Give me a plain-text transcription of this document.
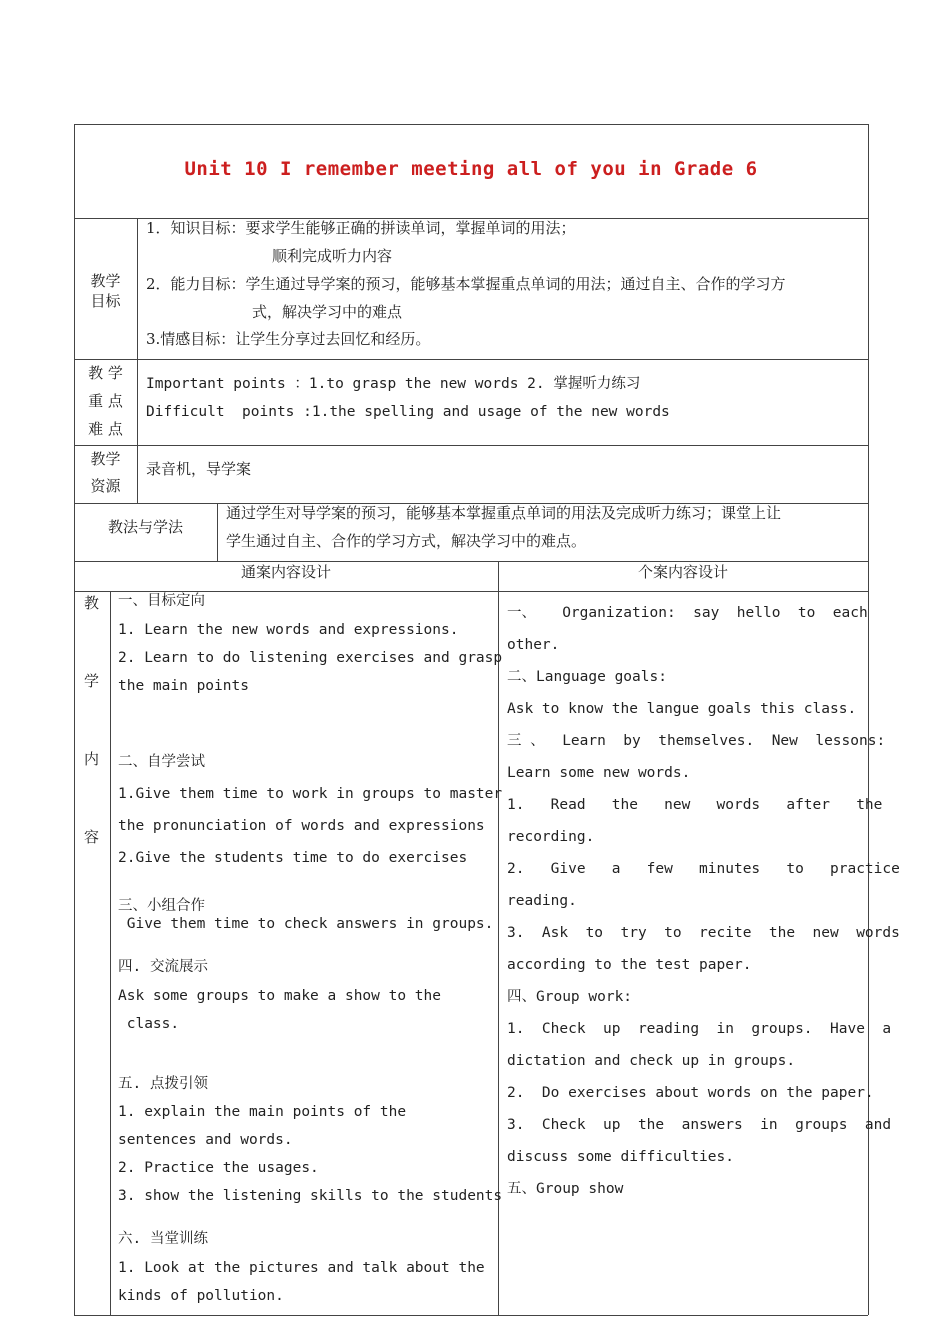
Unit 10 I remember meeting all of you in Grade 6
教学
目标
1．知识目标：要求学生能够正确的拼读单词，掌握单词的用法；
顺利完成听力内容
2．能力目标：学生通过导学案的预习，能够基本掌握重点单词的用法；通过自主、合作的学习方
式，解决学习中的难点
3.情感目标：让学生分享过去回忆和经历。
教 学
重 点
难 点
Important points ：1.to grasp the new words 2. 掌握听力练习
Difficult  points :1.the spelling and usage of the new words
教学
资源
录音机，导学案
教法与学法
通过学生对导学案的预习，能够基本掌握重点单词的用法及完成听力练习；课堂上让
学生通过自主、合作的学习方式，解决学习中的难点。
通案内容设计	个案内容设计
教
学
内
容
一、目标定向
1. Learn the new words and expressions.
2. Learn to do listening exercises and grasp
the main points
二、自学尝试
1.Give them time to work in groups to master
the pronunciation of words and expressions
2.Give the students time to do exercises
三、小组合作
Give them time to check answers in groups.
四. 交流展示
Ask some groups to make a show to the
class.
五. 点拨引领
1. explain the main points of the
sentences and words.
2. Practice the usages.
3. show the listening skills to the students
六. 当堂训练
1. Look at the pictures and talk about the
kinds of pollution.
一、   Organization:  say  hello  to  each
other.
二、Language goals:
Ask to know the langue goals this class.
三 、  Learn  by  themselves.  New  lessons:
Learn some new words.
1.   Read   the   new   words   after   the
recording.
2.   Give   a   few   minutes   to   practice
reading.
3.  Ask  to  try  to  recite  the  new  words
according to the test paper.
四、Group work:
1.  Check  up  reading  in  groups.  Have  a
dictation and check up in groups.
2.  Do exercises about words on the paper.
3.  Check  up  the  answers  in  groups  and
discuss some difficulties.
五、Group show
